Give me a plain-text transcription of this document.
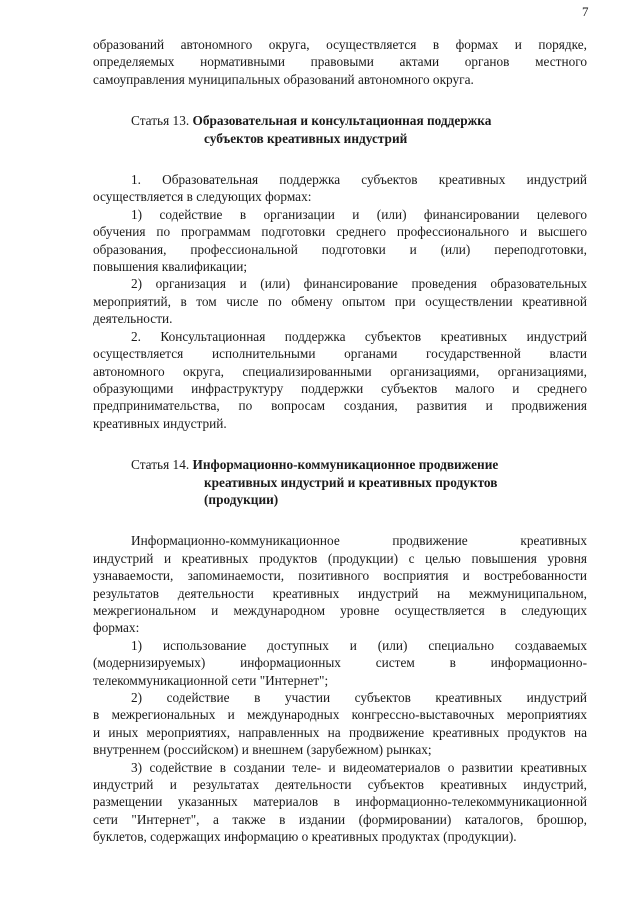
7
образований автономного округа, осуществляется в формах и порядке,
определяемых нормативными правовыми актами органов местного
самоуправления муниципальных образований автономного округа.
Статья 13. Образовательная и консультационная поддержка
субъектов креативных индустрий
1. Образовательная поддержка субъектов креативных индустрий
осуществляется в следующих формах:
1) содействие в организации и (или) финансировании целевого
обучения по программам подготовки среднего профессионального и высшего
образования, профессиональной подготовки и (или) переподготовки,
повышения квалификации;
2) организация и (или) финансирование проведения образовательных
мероприятий, в том числе по обмену опытом при осуществлении креативной
деятельности.
2. Консультационная поддержка субъектов креативных индустрий
осуществляется исполнительными органами государственной власти
автономного округа, специализированными организациями, организациями,
образующими инфраструктуру поддержки субъектов малого и среднего
предпринимательства, по вопросам создания, развития и продвижения
креативных индустрий.
Статья 14. Информационно-коммуникационное продвижение
креативных индустрий и креативных продуктов
(продукции)
Информационно-коммуникационное продвижение креативных
индустрий и креативных продуктов (продукции) с целью повышения уровня
узнаваемости, запоминаемости, позитивного восприятия и востребованности
результатов деятельности креативных индустрий на межмуниципальном,
межрегиональном и международном уровне осуществляется в следующих
формах:
1) использование доступных и (или) специально создаваемых
(модернизируемых) информационных систем в информационно-
телекоммуникационной сети "Интернет";
2) содействие в участии субъектов креативных индустрий
в межрегиональных и международных конгрессно-выставочных мероприятиях
и иных мероприятиях, направленных на продвижение креативных продуктов на
внутреннем (российском) и внешнем (зарубежном) рынках;
3) содействие в создании теле- и видеоматериалов о развитии креативных
индустрий и результатах деятельности субъектов креативных индустрий,
размещении указанных материалов в информационно-телекоммуникационной
сети "Интернет", а также в издании (формировании) каталогов, брошюр,
буклетов, содержащих информацию о креативных продуктах (продукции).
